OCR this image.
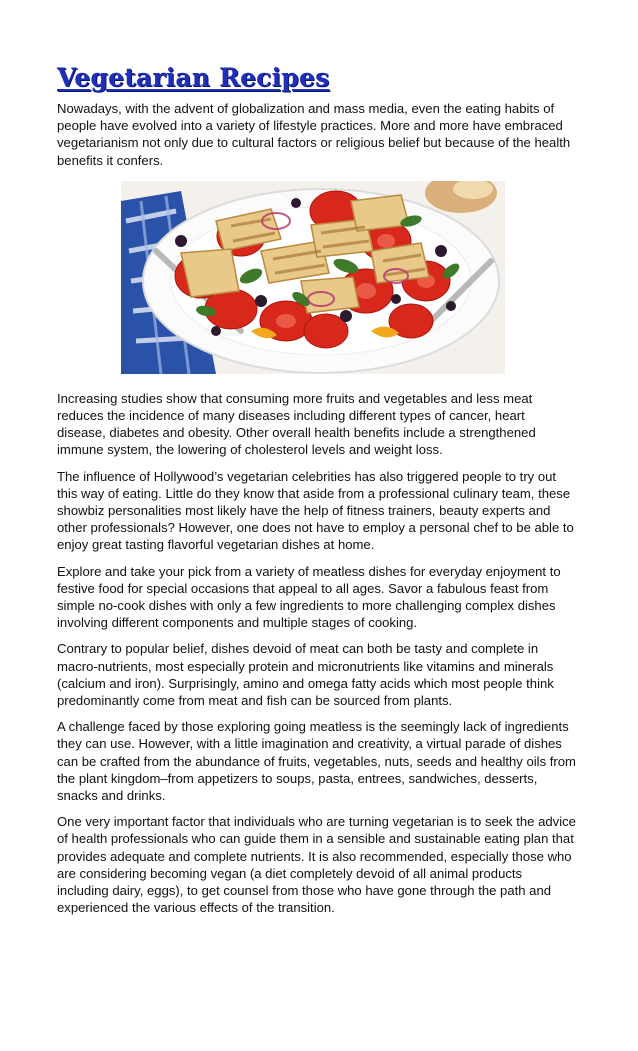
Vegetarian Recipes

Nowadays, with the advent of globalization and mass media, even the eating habits of people have evolved into a variety of lifestyle practices. More and more have embraced vegetarianism not only due to cultural factors or religious belief but because of the health benefits it confers.

Increasing studies show that consuming more fruits and vegetables and less meat reduces the incidence of many diseases including different types of cancer, heart disease, diabetes and obesity. Other overall health benefits include a strengthened immune system, the lowering of cholesterol levels and weight loss.

The influence of Hollywood’s vegetarian celebrities has also triggered people to try out this way of eating. Little do they know that aside from a professional culinary team, these showbiz personalities most likely have the help of fitness trainers, beauty experts and other professionals? However, one does not have to employ a personal chef to be able to enjoy great tasting flavorful vegetarian dishes at home.

Explore and take your pick from a variety of meatless dishes for everyday enjoyment to festive food for special occasions that appeal to all ages. Savor a fabulous feast from simple no-cook dishes with only a few ingredients to more challenging complex dishes involving different components and multiple stages of cooking.

Contrary to popular belief, dishes devoid of meat can both be tasty and complete in macro-nutrients, most especially protein and micronutrients like vitamins and minerals (calcium and iron). Surprisingly, amino and omega fatty acids which most people think predominantly come from meat and fish can be sourced from plants.

A challenge faced by those exploring going meatless is the seemingly lack of ingredients they can use. However, with a little imagination and creativity, a virtual parade of dishes can be crafted from the abundance of fruits, vegetables, nuts, seeds and healthy oils from the plant kingdom–from appetizers to soups, pasta, entrees, sandwiches, desserts, snacks and drinks.

One very important factor that individuals who are turning vegetarian is to seek the advice of health professionals who can guide them in a sensible and sustainable eating plan that provides adequate and complete nutrients. It is also recommended, especially those who are considering becoming vegan (a diet completely devoid of all animal products including dairy, eggs), to get counsel from those who have gone through the path and experienced the various effects of the transition.
